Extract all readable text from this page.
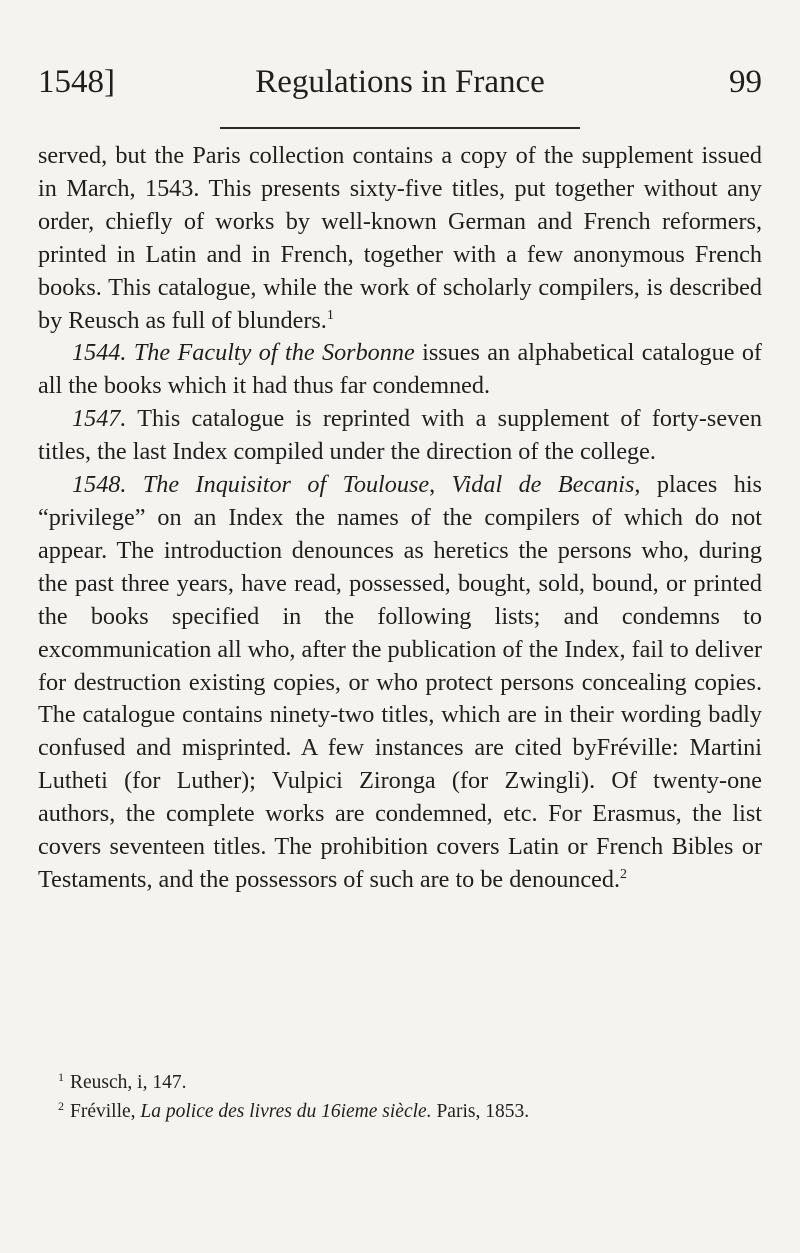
1548]	Regulations in France	99

served, but the Paris collection contains a copy of the supplement issued in March, 1543. This presents sixty-five titles, put together without any order, chiefly of works by well-known German and French reformers, printed in Latin and in French, together with a few anonymous French books. This catalogue, while the work of scholarly compilers, is described by Reusch as full of blunders.$^1$

1544. The Faculty of the Sorbonne issues an alphabetical catalogue of all the books which it had thus far condemned.

1547. This catalogue is reprinted with a supplement of forty-seven titles, the last Index compiled under the direction of the college.

1548. The Inquisitor of Toulouse, Vidal de Becanis, places his “privilege” on an Index the names of the compilers of which do not appear. The introduction denounces as heretics the persons who, during the past three years, have read, possessed, bought, sold, bound, or printed the books specified in the following lists; and condemns to excommunication all who, after the publication of the Index, fail to deliver for destruction existing copies, or who protect persons concealing copies. The catalogue contains ninety-two titles, which are in their wording badly confused and misprinted. A few instances are cited byFréville: Martini Lutheti (for Luther); Vulpici Zironga (for Zwingli). Of twenty-one authors, the complete works are condemned, etc. For Erasmus, the list covers seventeen titles. The prohibition covers Latin or French Bibles or Testaments, and the possessors of such are to be denounced.$^2$

$^1$ Reusch, i, 147.
$^2$ Fréville, La police des livres du 16ieme siècle. Paris, 1853.
